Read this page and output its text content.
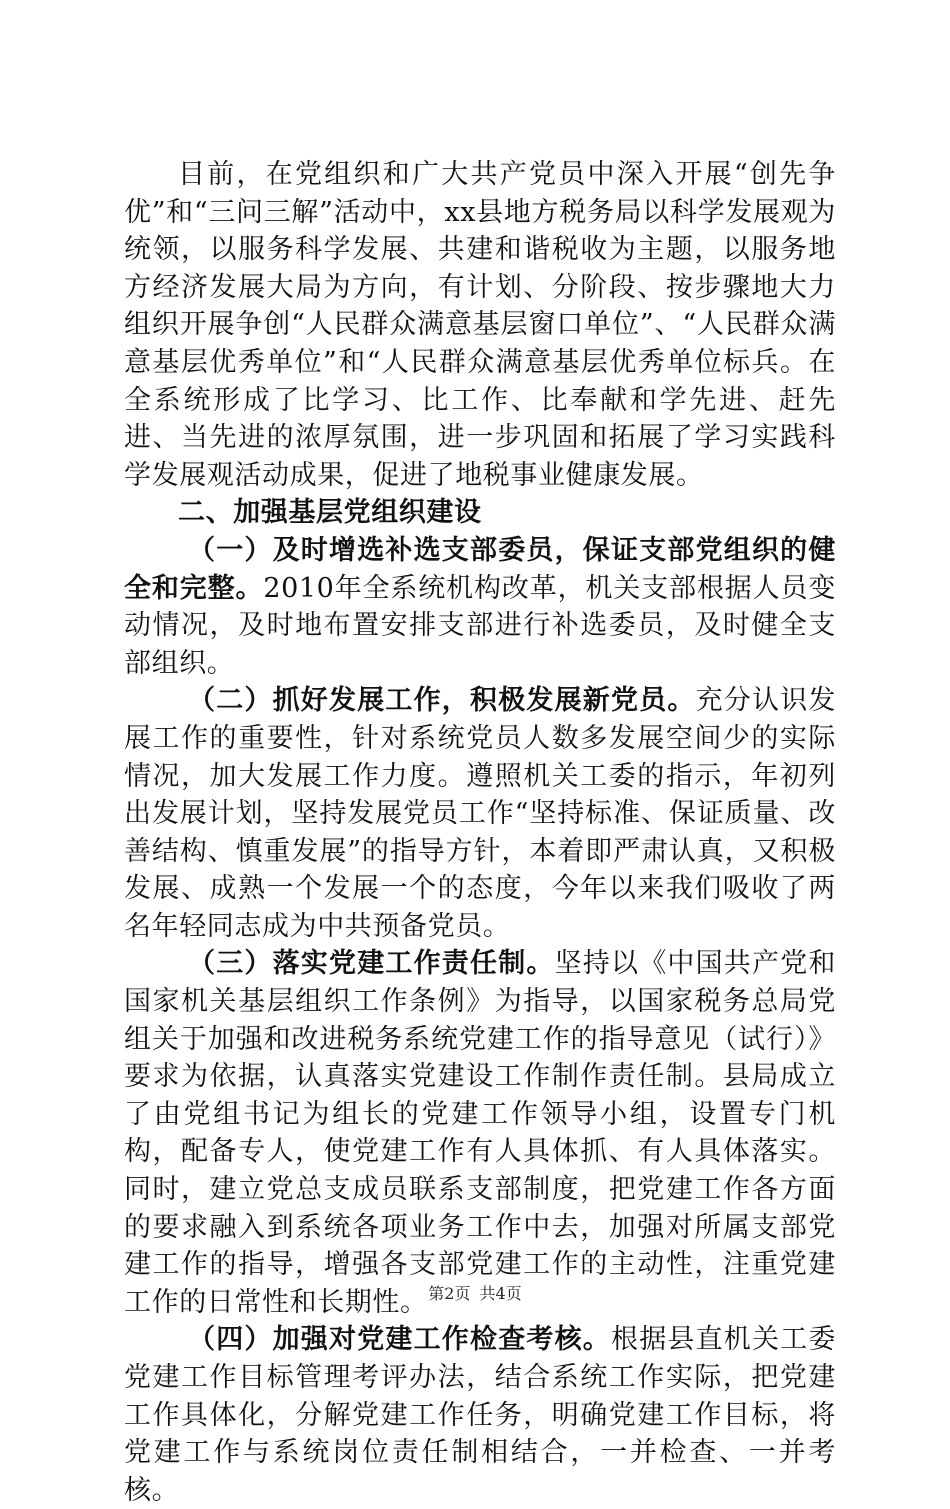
目前，在党组织和广大共产党员中深入开展“创先争优”和“三问三解”活动中，xx县地方税务局以科学发展观为统领，以服务科学发展、共建和谐税收为主题，以服务地方经济发展大局为方向，有计划、分阶段、按步骤地大力组织开展争创“人民群众满意基层窗口单位”、“人民群众满意基层优秀单位”和“人民群众满意基层优秀单位标兵。在全系统形成了比学习、比工作、比奉献和学先进、赶先进、当先进的浓厚氛围，进一步巩固和拓展了学习实践科学发展观活动成果，促进了地税事业健康发展。

二、加强基层党组织建设

（一）及时增选补选支部委员，保证支部党组织的健全和完整。2010年全系统机构改革，机关支部根据人员变动情况，及时地布置安排支部进行补选委员，及时健全支部组织。

（二）抓好发展工作，积极发展新党员。充分认识发展工作的重要性，针对系统党员人数多发展空间少的实际情况，加大发展工作力度。遵照机关工委的指示，年初列出发展计划，坚持发展党员工作“坚持标准、保证质量、改善结构、慎重发展”的指导方针，本着即严肃认真，又积极发展、成熟一个发展一个的态度，今年以来我们吸收了两名年轻同志成为中共预备党员。

（三）落实党建工作责任制。坚持以《中国共产党和国家机关基层组织工作条例》为指导，以国家税务总局党组关于加强和改进税务系统党建工作的指导意见（试行）》要求为依据，认真落实党建设工作制作责任制。县局成立了由党组书记为组长的党建工作领导小组，设置专门机构，配备专人，使党建工作有人具体抓、有人具体落实。同时，建立党总支成员联系支部制度，把党建工作各方面的要求融入到系统各项业务工作中去，加强对所属支部党建工作的指导，增强各支部党建工作的主动性，注重党建工作的日常性和长期性。

（四）加强对党建工作检查考核。根据县直机关工委党建工作目标管理考评办法，结合系统工作实际，把党建工作具体化，分解党建工作任务，明确党建工作目标，将党建工作与系统岗位责任制相结合，一并检查、一并考核。

第2页 共4页
